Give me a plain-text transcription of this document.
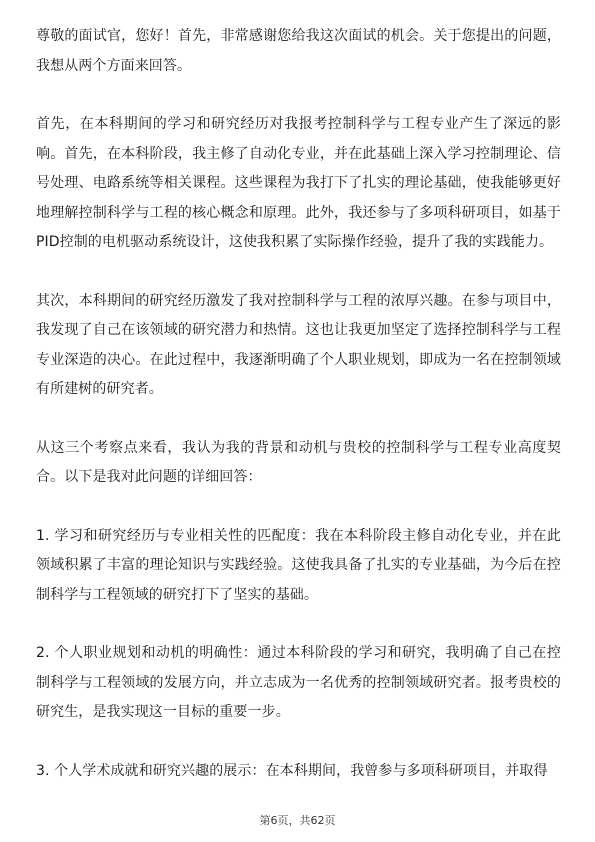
尊敬的面试官，您好！首先，非常感谢您给我这次面试的机会。关于您提出的问题，我想从两个方面来回答。

首先，在本科期间的学习和研究经历对我报考控制科学与工程专业产生了深远的影响。首先，在本科阶段，我主修了自动化专业，并在此基础上深入学习控制理论、信号处理、电路系统等相关课程。这些课程为我打下了扎实的理论基础，使我能够更好地理解控制科学与工程的核心概念和原理。此外，我还参与了多项科研项目，如基于PID控制的电机驱动系统设计，这使我积累了实际操作经验，提升了我的实践能力。

其次，本科期间的研究经历激发了我对控制科学与工程的浓厚兴趣。在参与项目中，我发现了自己在该领域的研究潜力和热情。这也让我更加坚定了选择控制科学与工程专业深造的决心。在此过程中，我逐渐明确了个人职业规划，即成为一名在控制领域有所建树的研究者。

从这三个考察点来看，我认为我的背景和动机与贵校的控制科学与工程专业高度契合。以下是我对此问题的详细回答：

1. 学习和研究经历与专业相关性的匹配度：我在本科阶段主修自动化专业，并在此领域积累了丰富的理论知识与实践经验。这使我具备了扎实的专业基础，为今后在控制科学与工程领域的研究打下了坚实的基础。

2. 个人职业规划和动机的明确性：通过本科阶段的学习和研究，我明确了自己在控制科学与工程领域的发展方向，并立志成为一名优秀的控制领域研究者。报考贵校的研究生，是我实现这一目标的重要一步。

3. 个人学术成就和研究兴趣的展示：在本科期间，我曾参与多项科研项目，并取得

第6页，共62页
